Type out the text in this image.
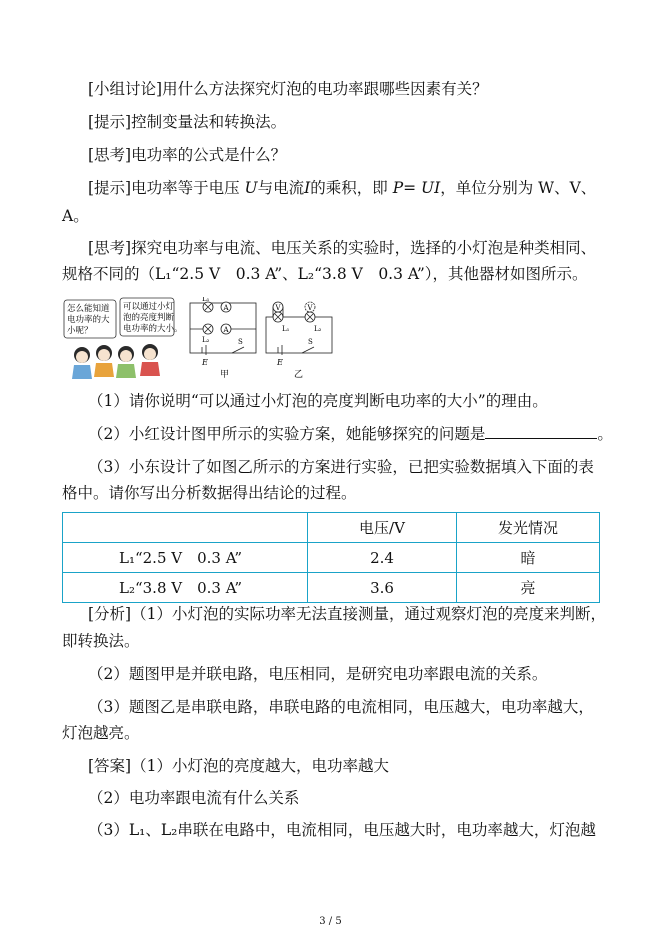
[小组讨论]用什么方法探究灯泡的电功率跟哪些因素有关？
[提示]控制变量法和转换法。
[思考]电功率的公式是什么？
[提示]电功率等于电压 U与电流I的乘积，即 P= UI，单位分别为 W、V、
A。
[思考]探究电功率与电流、电压关系的实验时，选择的小灯泡是种类相同、
规格不同的（L₁“2.5 V　0.3 A”、L₂“3.8 V　0.3 A”），其他器材如图所示。
怎么能知道
电功率的大
小呢？
可以通过小灯
泡的亮度判断
电功率的大小。
A
A
L₁
L₂	S
E
甲
V	V
L₁	L₂
S
E
乙
（1）请你说明“可以通过小灯泡的亮度判断电功率的大小”的理由。
（2）小红设计图甲所示的实验方案，她能够探究的问题是	。
（3）小东设计了如图乙所示的方案进行实验，已把实验数据填入下面的表
格中。请你写出分析数据得出结论的过程。
	电压/V	发光情况
L₁“2.5 V　0.3 A”	2.4	暗
L₂“3.8 V　0.3 A”	3.6	亮
[分析]（1）小灯泡的实际功率无法直接测量，通过观察灯泡的亮度来判断，
即转换法。
（2）题图甲是并联电路，电压相同，是研究电功率跟电流的关系。
（3）题图乙是串联电路，串联电路的电流相同，电压越大，电功率越大，
灯泡越亮。
[答案]（1）小灯泡的亮度越大，电功率越大
（2）电功率跟电流有什么关系
（3）L₁、L₂串联在电路中，电流相同，电压越大时，电功率越大，灯泡越
3 / 5
